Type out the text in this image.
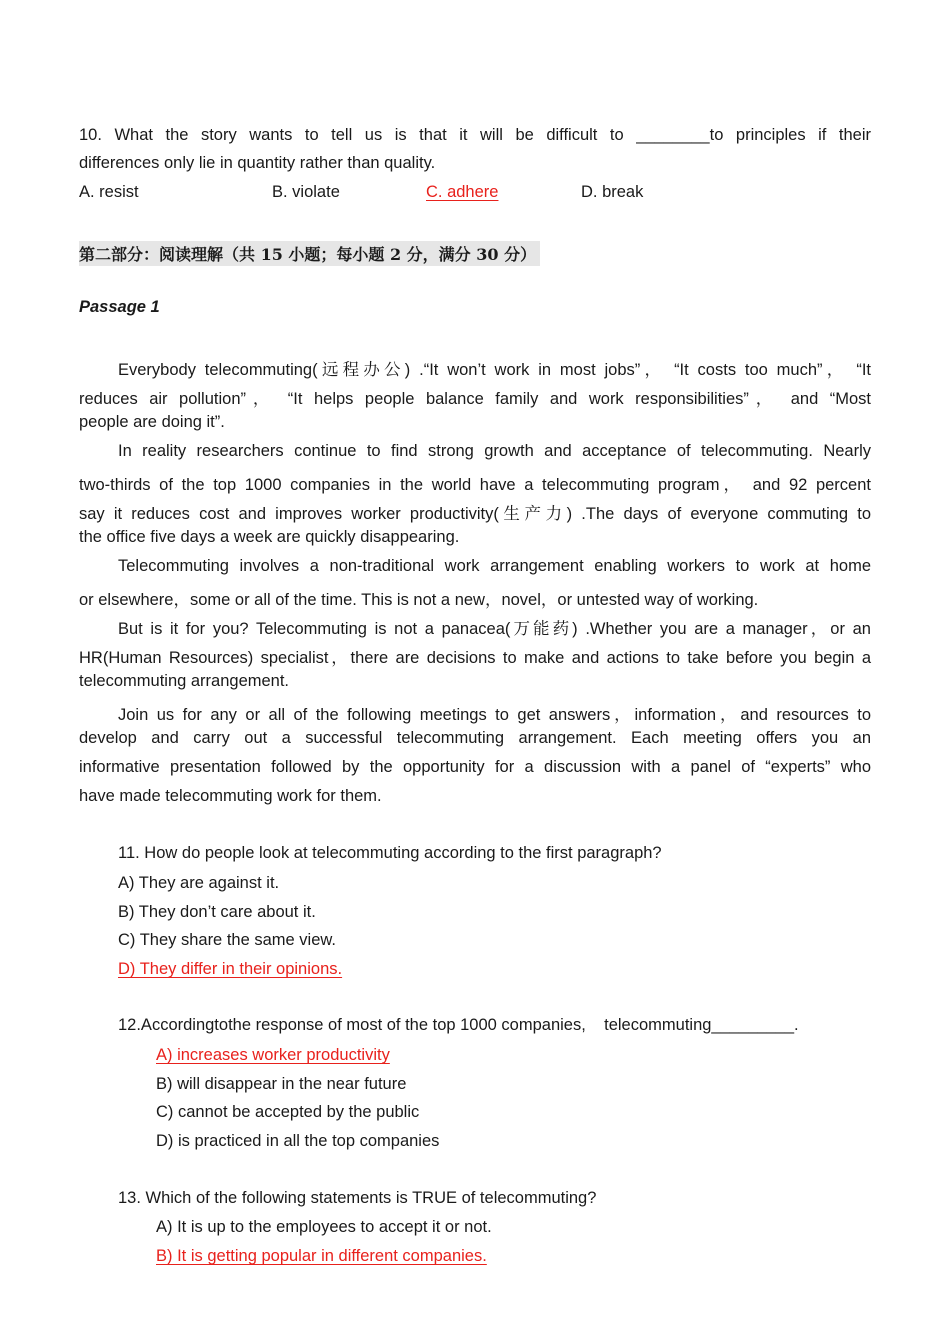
10. What the story wants to tell us is that it will be difficult to ________to principles if their
differences only lie in quantity rather than quality.
A. resist	B. violate	C. adhere	D. break
第二部分：阅读理解（共 15 小题；每小题 2 分，满分 30 分）
Passage 1
Everybody telecommuting(远程办公) .“It won’t work in most jobs”， “It costs too much”， “It
reduces air pollution”， “It helps people balance family and work responsibilities”， and “Most
people are doing it”.
In reality researchers continue to find strong growth and acceptance of telecommuting. Nearly
two-thirds of the top 1000 companies in the world have a telecommuting program， and 92 percent
say it reduces cost and improves worker productivity(生产力) .The days of everyone commuting to
the office five days a week are quickly disappearing.
Telecommuting involves a non-traditional work arrangement enabling workers to work at home
or elsewhere，some or all of the time. This is not a new，novel，or untested way of working.
But is it for you? Telecommuting is not a panacea(万能药) .Whether you are a manager，or an
HR(Human Resources) specialist，there are decisions to make and actions to take before you begin a
telecommuting arrangement.
Join us for any or all of the following meetings to get answers，information，and resources to
develop and carry out a successful telecommuting arrangement. Each meeting offers you an
informative presentation followed by the opportunity for a discussion with a panel of “experts” who
have made telecommuting work for them.
11. How do people look at telecommuting according to the first paragraph?
A) They are against it.
B) They don’t care about it.
C) They share the same view.
D) They differ in their opinions.
12.Accordingtothe response of most of the top 1000 companies,    telecommuting_________.
A) increases worker productivity
B) will disappear in the near future
C) cannot be accepted by the public
D) is practiced in all the top companies
13. Which of the following statements is TRUE of telecommuting?
A) It is up to the employees to accept it or not.
B) It is getting popular in different companies.
